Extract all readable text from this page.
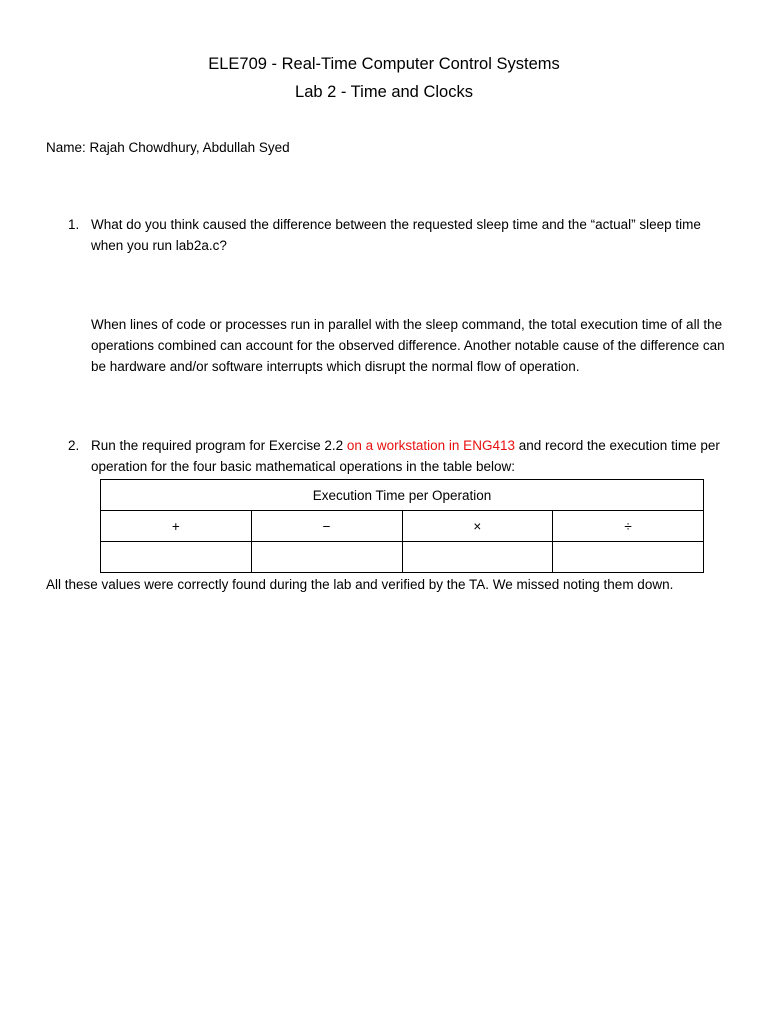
ELE709 - Real-Time Computer Control Systems
Lab 2 - Time and Clocks
Name: Rajah Chowdhury, Abdullah Syed
1. What do you think caused the difference between the requested sleep time and the “actual” sleep time when you run lab2a.c?
When lines of code or processes run in parallel with the sleep command, the total execution time of all the operations combined can account for the observed difference. Another notable cause of the difference can be hardware and/or software interrupts which disrupt the normal flow of operation.
2. Run the required program for Exercise 2.2 on a workstation in ENG413 and record the execution time per operation for the four basic mathematical operations in the table below:
Execution Time per Operation			
+	−	×	÷

All these values were correctly found during the lab and verified by the TA. We missed noting them down.
